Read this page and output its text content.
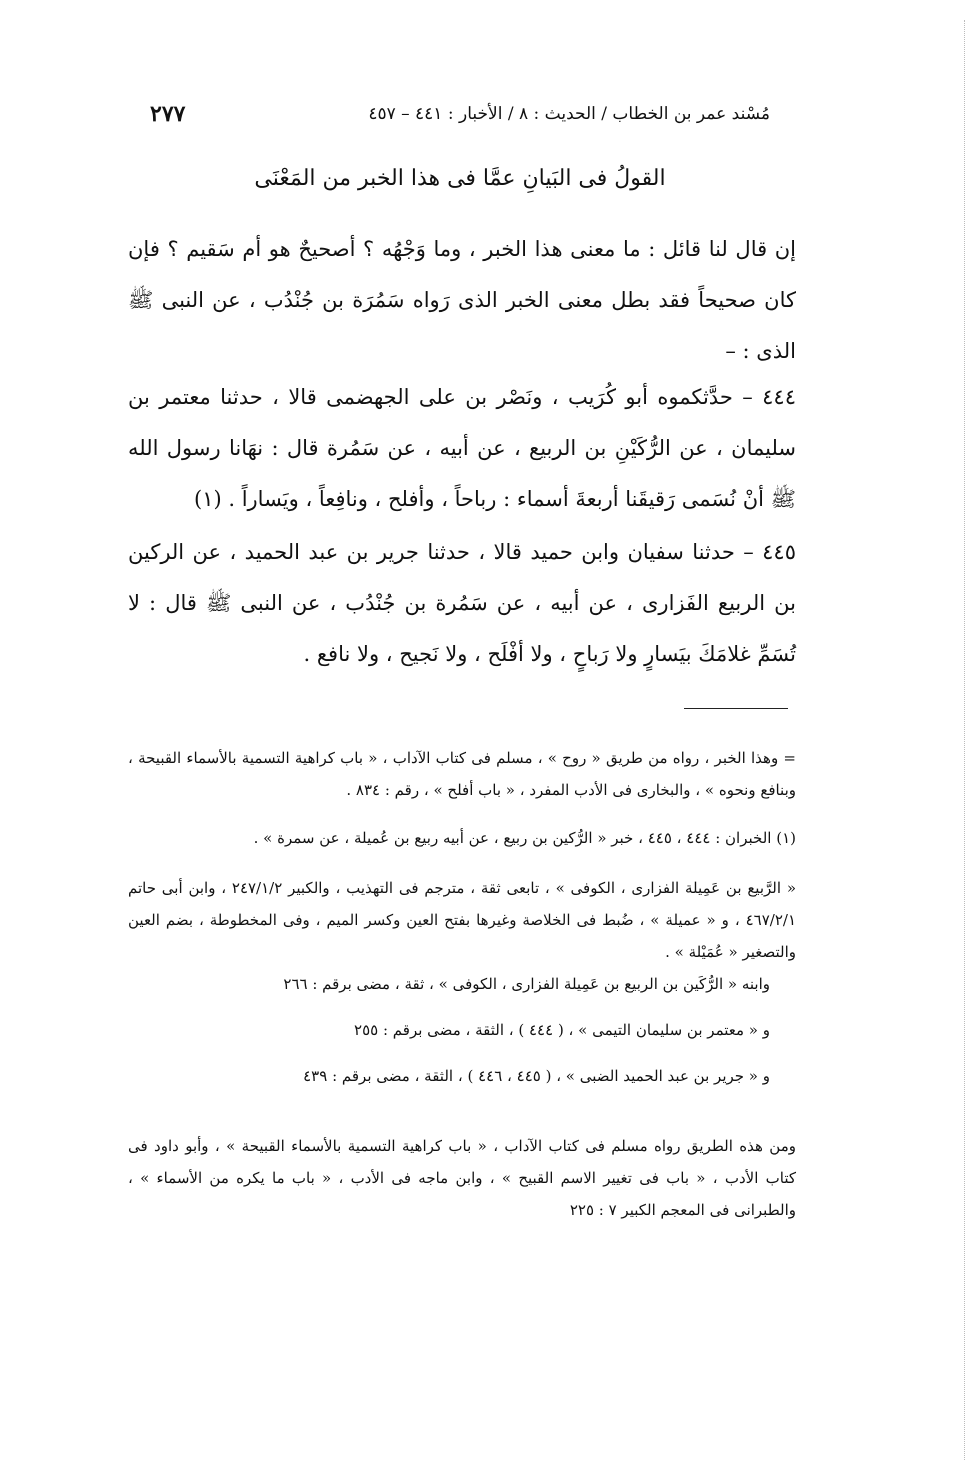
٢٧٧	مُسْند عمر بن الخطاب / الحديث : ٨ / الأخبار : ٤٤١ – ٤٥٧
القولُ فى البَيانِ عمَّا فى هذا الخبر من المَعْنَى
إن قال لنا قائل : ما معنى هذا الخبر ، وما وَجْهُه ؟ أصحيحٌ هو أم سَقيم ؟ فإن كان صحيحاً فقد بطل معنى الخبر الذى رَواه سَمُرَة بن جُنْدُب ، عن النبى ﷺ الذى : –
٤٤٤ – حدَّثكموه أبو كُرَيب ، ونَصْر بن على الجهضمى قالا ، حدثنا معتمر بن سليمان ، عن الرُّكَيْنِ بن الربيع ، عن أبيه ، عن سَمُرة قال : نهَانا رسول الله ﷺ أنْ نُسَمى رَقيقَنا أربعةَ أسماء : رباحاً ، وأفلح ، ونافِعاً ، ويَساراً . (١)
٤٤٥ – حدثنا سفيان وابن حميد قالا ، حدثنا جرير بن عبد الحميد ، عن الركين بن الربيع الفَزارى ، عن أبيه ، عن سَمُرة بن جُنْدُب ، عن النبى ﷺ قال : لا تُسَمِّ غلامَكَ بيَسارٍ ولا رَباحٍ ، ولا أفْلَح ، ولا نَجيح ، ولا نافع .
= وهذا الخبر ، رواه من طريق « روح » ، مسلم فى كتاب الآداب ، « باب كراهية التسمية بالأسماء القبيحة ، وبنافع ونحوه » ، والبخارى فى الأدب المفرد ، « باب أفلح » ، رقم : ٨٣٤ .
(١) الخبران : ٤٤٤ ، ٤٤٥ ، خبر « الرُّكين بن ربيع ، عن أبيه ربيع بن عُميلة ، عن سمرة » .
« الرَّبيع بن عَمِيلة الفزارى ، الكوفى » ، تابعى ثقة ، مترجم فى التهذيب ، والكبير ٢٤٧/١/٢ ، وابن أبى حاتم ٤٦٧/٢/١ ، و « عميلة » ، ضُبط فى الخلاصة وغيرها بفتح العين وكسر الميم ، وفى المخطوطة ، بضم العين والتصغير « عُمَيْلة » .
وابنه « الرُّكَين بن الربيع بن عَمِيلة الفزارى ، الكوفى » ، ثقة ، مضى برقم : ٢٦٦
و « معتمر بن سليمان التيمى » ، ( ٤٤٤ ) ، الثقة ، مضى برقم : ٢٥٥
و « جرير بن عبد الحميد الضبى » ، ( ٤٤٥ ، ٤٤٦ ) ، الثقة ، مضى برقم : ٤٣٩
ومن هذه الطريق رواه مسلم فى كتاب الآداب ، « باب كراهية التسمية بالأسماء القبيحة » ، وأبو داود فى كتاب الأدب ، « باب فى تغيير الاسم القبيح » ، وابن ماجه فى الأدب ، « باب ما يكره من الأسماء » ، والطبرانى فى المعجم الكبير ٧ : ٢٢٥
